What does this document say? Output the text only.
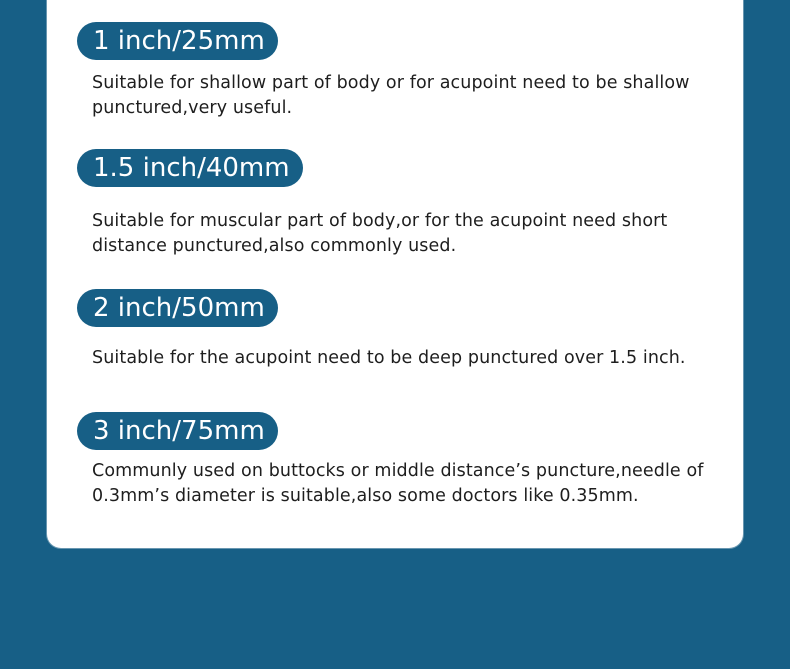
1 inch/25mm
Suitable for shallow part of body or for acupoint need to be shallow punctured,very useful.
1.5 inch/40mm
Suitable for muscular part of body,or for the acupoint need short distance punctured,also commonly used.
2 inch/50mm
Suitable for the acupoint need to be deep punctured over 1.5 inch.
3 inch/75mm
Communly used on buttocks or middle distance’s puncture,needle of 0.3mm’s diameter is suitable,also some doctors like 0.35mm.
